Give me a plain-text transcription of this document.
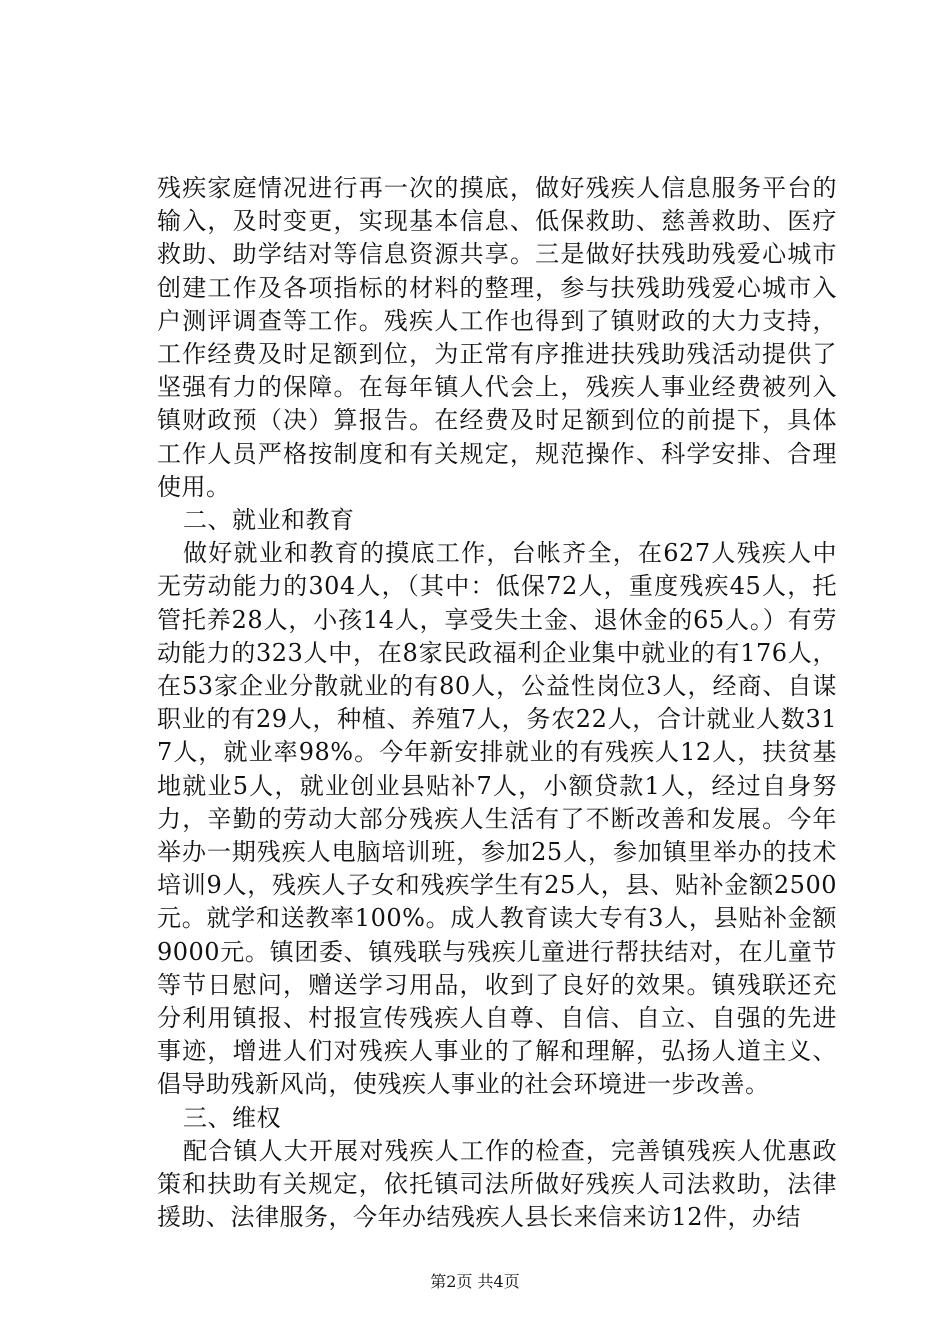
残疾家庭情况进行再一次的摸底，做好残疾人信息服务平台的输入，及时变更，实现基本信息、低保救助、慈善救助、医疗救助、助学结对等信息资源共享。三是做好扶残助残爱心城市创建工作及各项指标的材料的整理，参与扶残助残爱心城市入户测评调查等工作。残疾人工作也得到了镇财政的大力支持，工作经费及时足额到位，为正常有序推进扶残助残活动提供了坚强有力的保障。在每年镇人代会上，残疾人事业经费被列入镇财政预（决）算报告。在经费及时足额到位的前提下，具体工作人员严格按制度和有关规定，规范操作、科学安排、合理使用。

二、就业和教育

做好就业和教育的摸底工作，台帐齐全，在627人残疾人中无劳动能力的304人，（其中：低保72人，重度残疾45人，托管托养28人，小孩14人，享受失土金、退休金的65人。）有劳动能力的323人中，在8家民政福利企业集中就业的有176人，在53家企业分散就业的有80人，公益性岗位3人，经商、自谋职业的有29人，种植、养殖7人，务农22人，合计就业人数317人，就业率98%。今年新安排就业的有残疾人12人，扶贫基地就业5人，就业创业县贴补7人，小额贷款1人，经过自身努力，辛勤的劳动大部分残疾人生活有了不断改善和发展。今年举办一期残疾人电脑培训班，参加25人，参加镇里举办的技术培训9人，残疾人子女和残疾学生有25人，县、贴补金额2500元。就学和送教率100%。成人教育读大专有3人，县贴补金额9000元。镇团委、镇残联与残疾儿童进行帮扶结对，在儿童节等节日慰问，赠送学习用品，收到了良好的效果。镇残联还充分利用镇报、村报宣传残疾人自尊、自信、自立、自强的先进事迹，增进人们对残疾人事业的了解和理解，弘扬人道主义、倡导助残新风尚，使残疾人事业的社会环境进一步改善。

三、维权

配合镇人大开展对残疾人工作的检查，完善镇残疾人优惠政策和扶助有关规定，依托镇司法所做好残疾人司法救助，法律援助、法律服务，今年办结残疾人县长来信来访12件，办结

第2页 共4页
